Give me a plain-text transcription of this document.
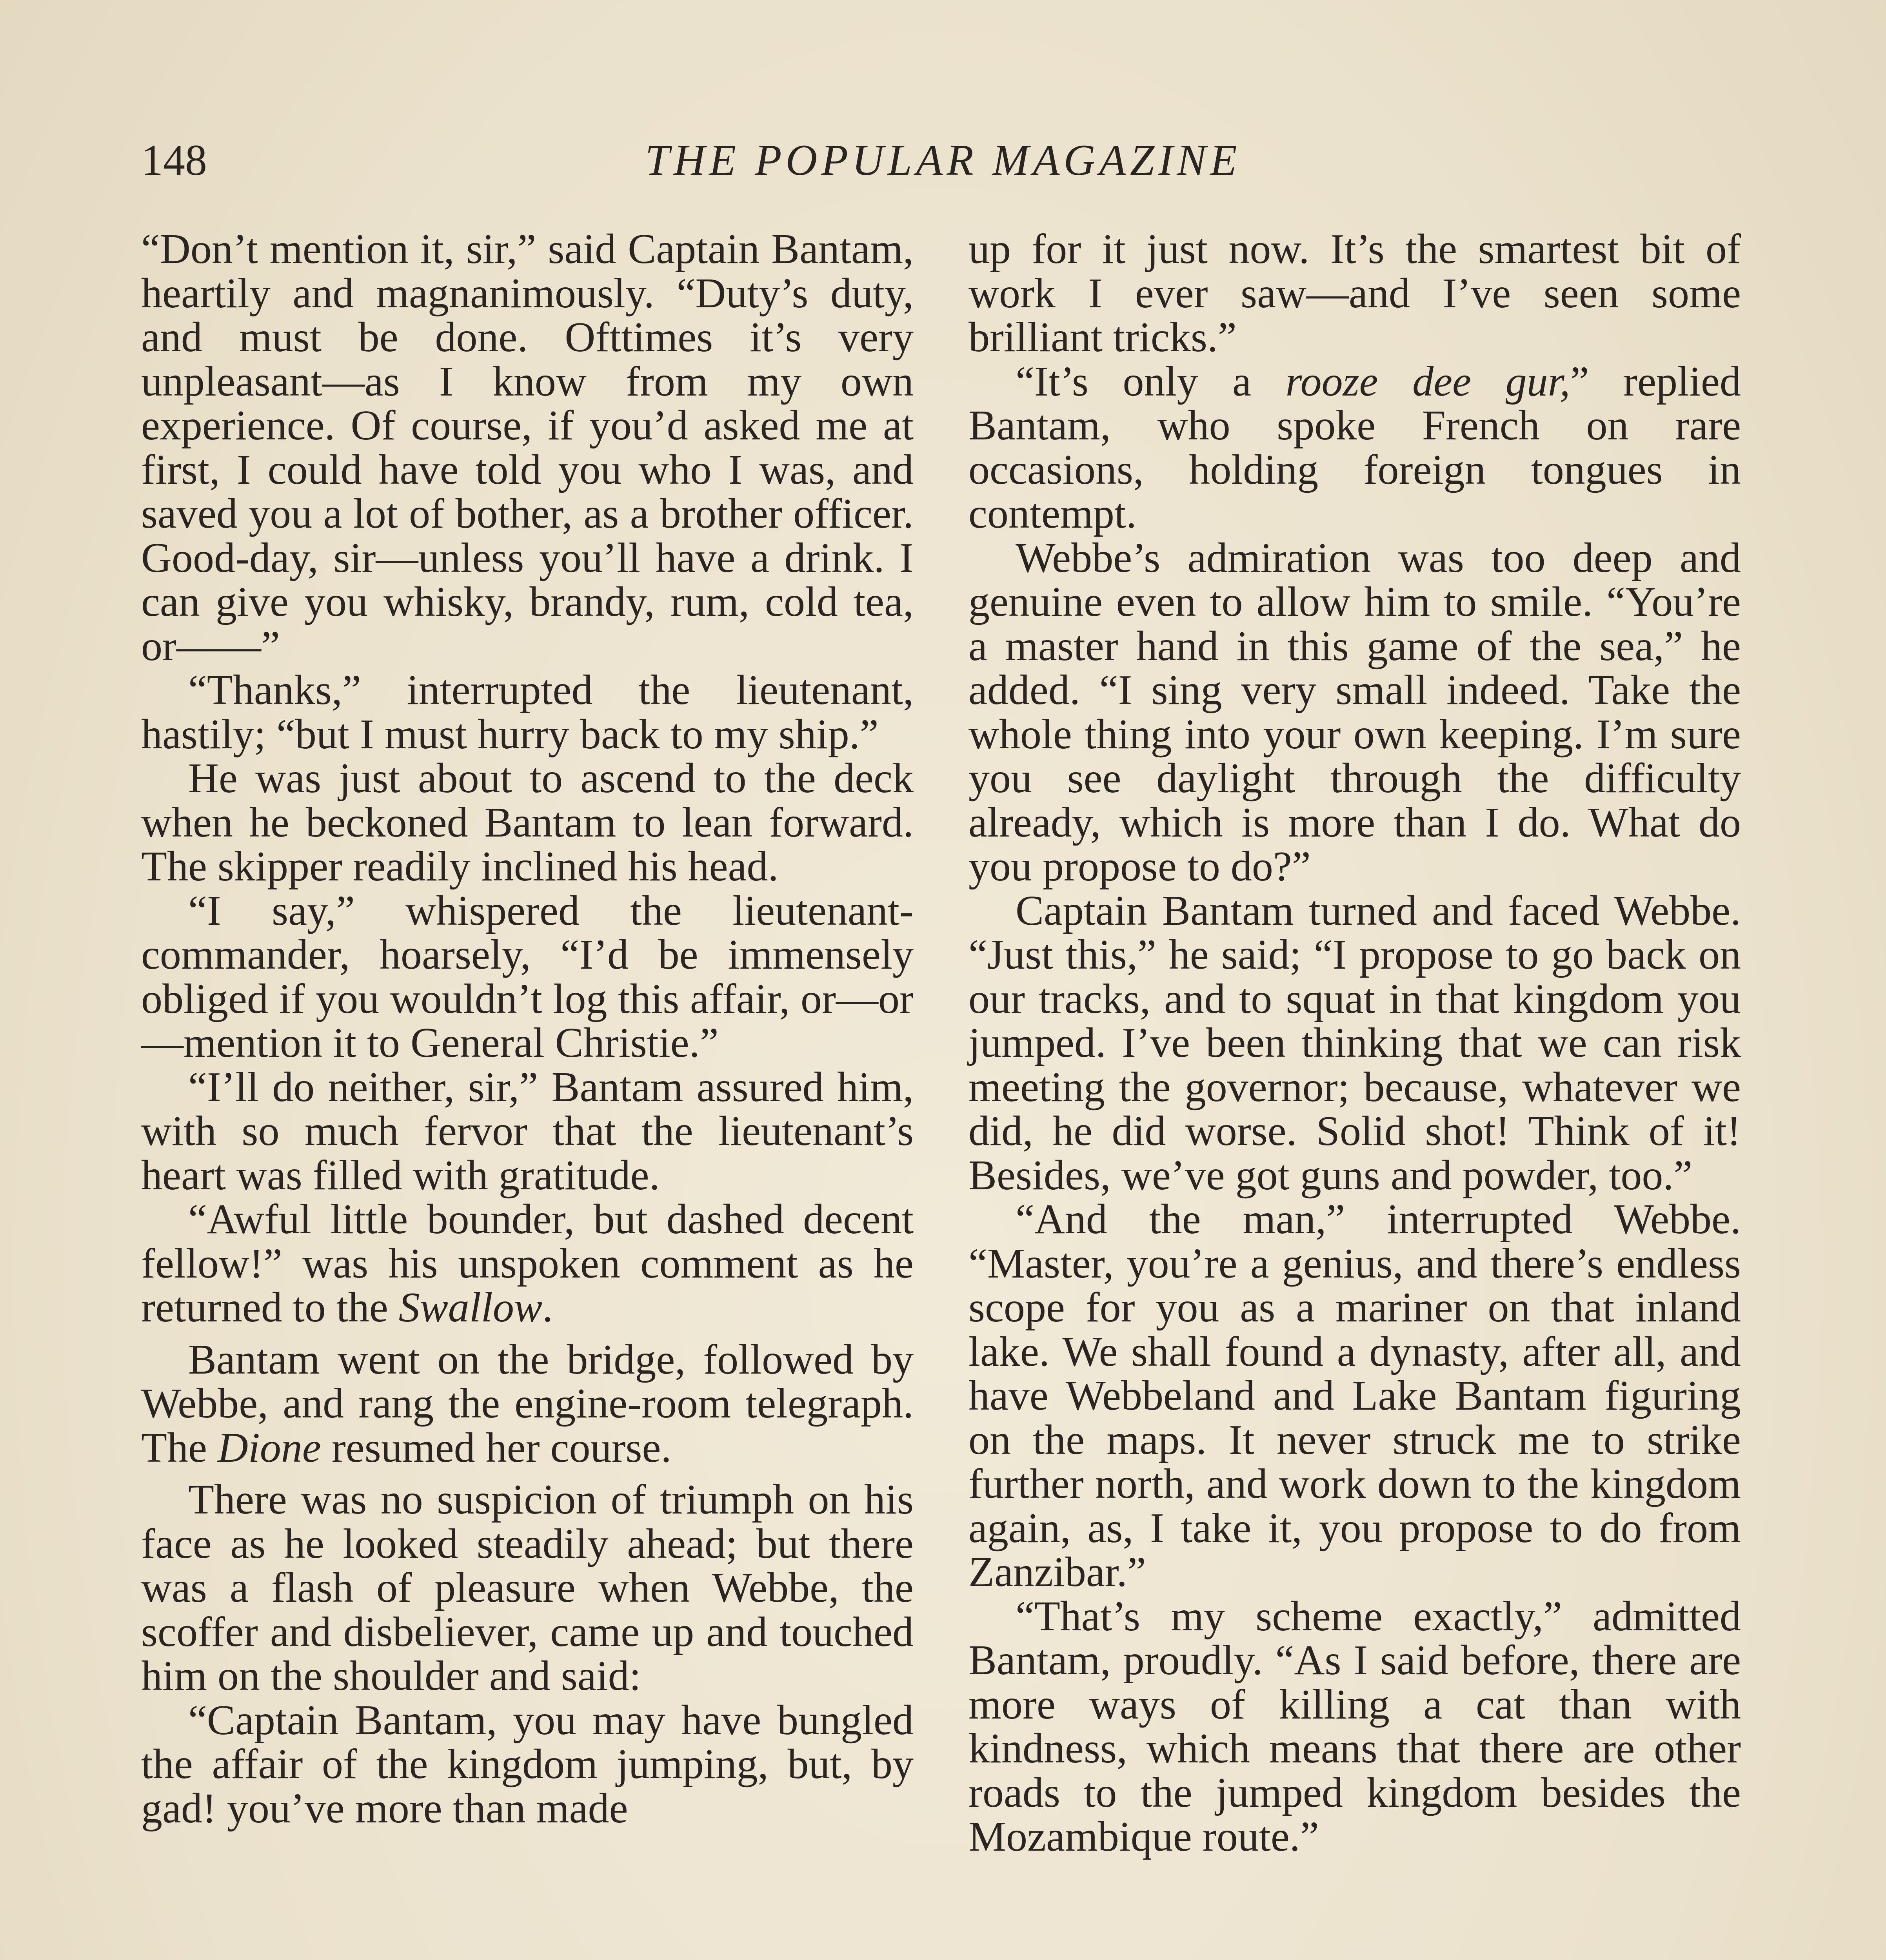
148	THE POPULAR MAGAZINE

“Don’t mention it, sir,” said Captain Bantam, heartily and magnanimously. “Duty’s duty, and must be done. Ofttimes it’s very unpleasant—as I know from my own experience. Of course, if you’d asked me at first, I could have told you who I was, and saved you a lot of bother, as a brother officer. Good-day, sir—unless you’ll have a drink. I can give you whisky, brandy, rum, cold tea, or——”

“Thanks,” interrupted the lieutenant, hastily; “but I must hurry back to my ship.”

He was just about to ascend to the deck when he beckoned Bantam to lean forward. The skipper readily inclined his head.

“I say,” whispered the lieutenant-commander, hoarsely, “I’d be immensely obliged if you wouldn’t log this affair, or—or—mention it to General Christie.”

“I’ll do neither, sir,” Bantam assured him, with so much fervor that the lieutenant’s heart was filled with gratitude.

“Awful little bounder, but dashed decent fellow!” was his unspoken comment as he returned to the Swallow.

Bantam went on the bridge, followed by Webbe, and rang the engine-room telegraph. The Dione resumed her course.

There was no suspicion of triumph on his face as he looked steadily ahead; but there was a flash of pleasure when Webbe, the scoffer and disbeliever, came up and touched him on the shoulder and said:

“Captain Bantam, you may have bungled the affair of the kingdom jumping, but, by gad! you’ve more than made

up for it just now. It’s the smartest bit of work I ever saw—and I’ve seen some brilliant tricks.”

“It’s only a rooze dee gur,” replied Bantam, who spoke French on rare occasions, holding foreign tongues in contempt.

Webbe’s admiration was too deep and genuine even to allow him to smile. “You’re a master hand in this game of the sea,” he added. “I sing very small indeed. Take the whole thing into your own keeping. I’m sure you see daylight through the difficulty already, which is more than I do. What do you propose to do?”

Captain Bantam turned and faced Webbe. “Just this,” he said; “I propose to go back on our tracks, and to squat in that kingdom you jumped. I’ve been thinking that we can risk meeting the governor; because, whatever we did, he did worse. Solid shot! Think of it! Besides, we’ve got guns and powder, too.”

“And the man,” interrupted Webbe. “Master, you’re a genius, and there’s endless scope for you as a mariner on that inland lake. We shall found a dynasty, after all, and have Webbeland and Lake Bantam figuring on the maps. It never struck me to strike further north, and work down to the kingdom again, as, I take it, you propose to do from Zanzibar.”

“That’s my scheme exactly,” admitted Bantam, proudly. “As I said before, there are more ways of killing a cat than with kindness, which means that there are other roads to the jumped kingdom besides the Mozambique route.”
